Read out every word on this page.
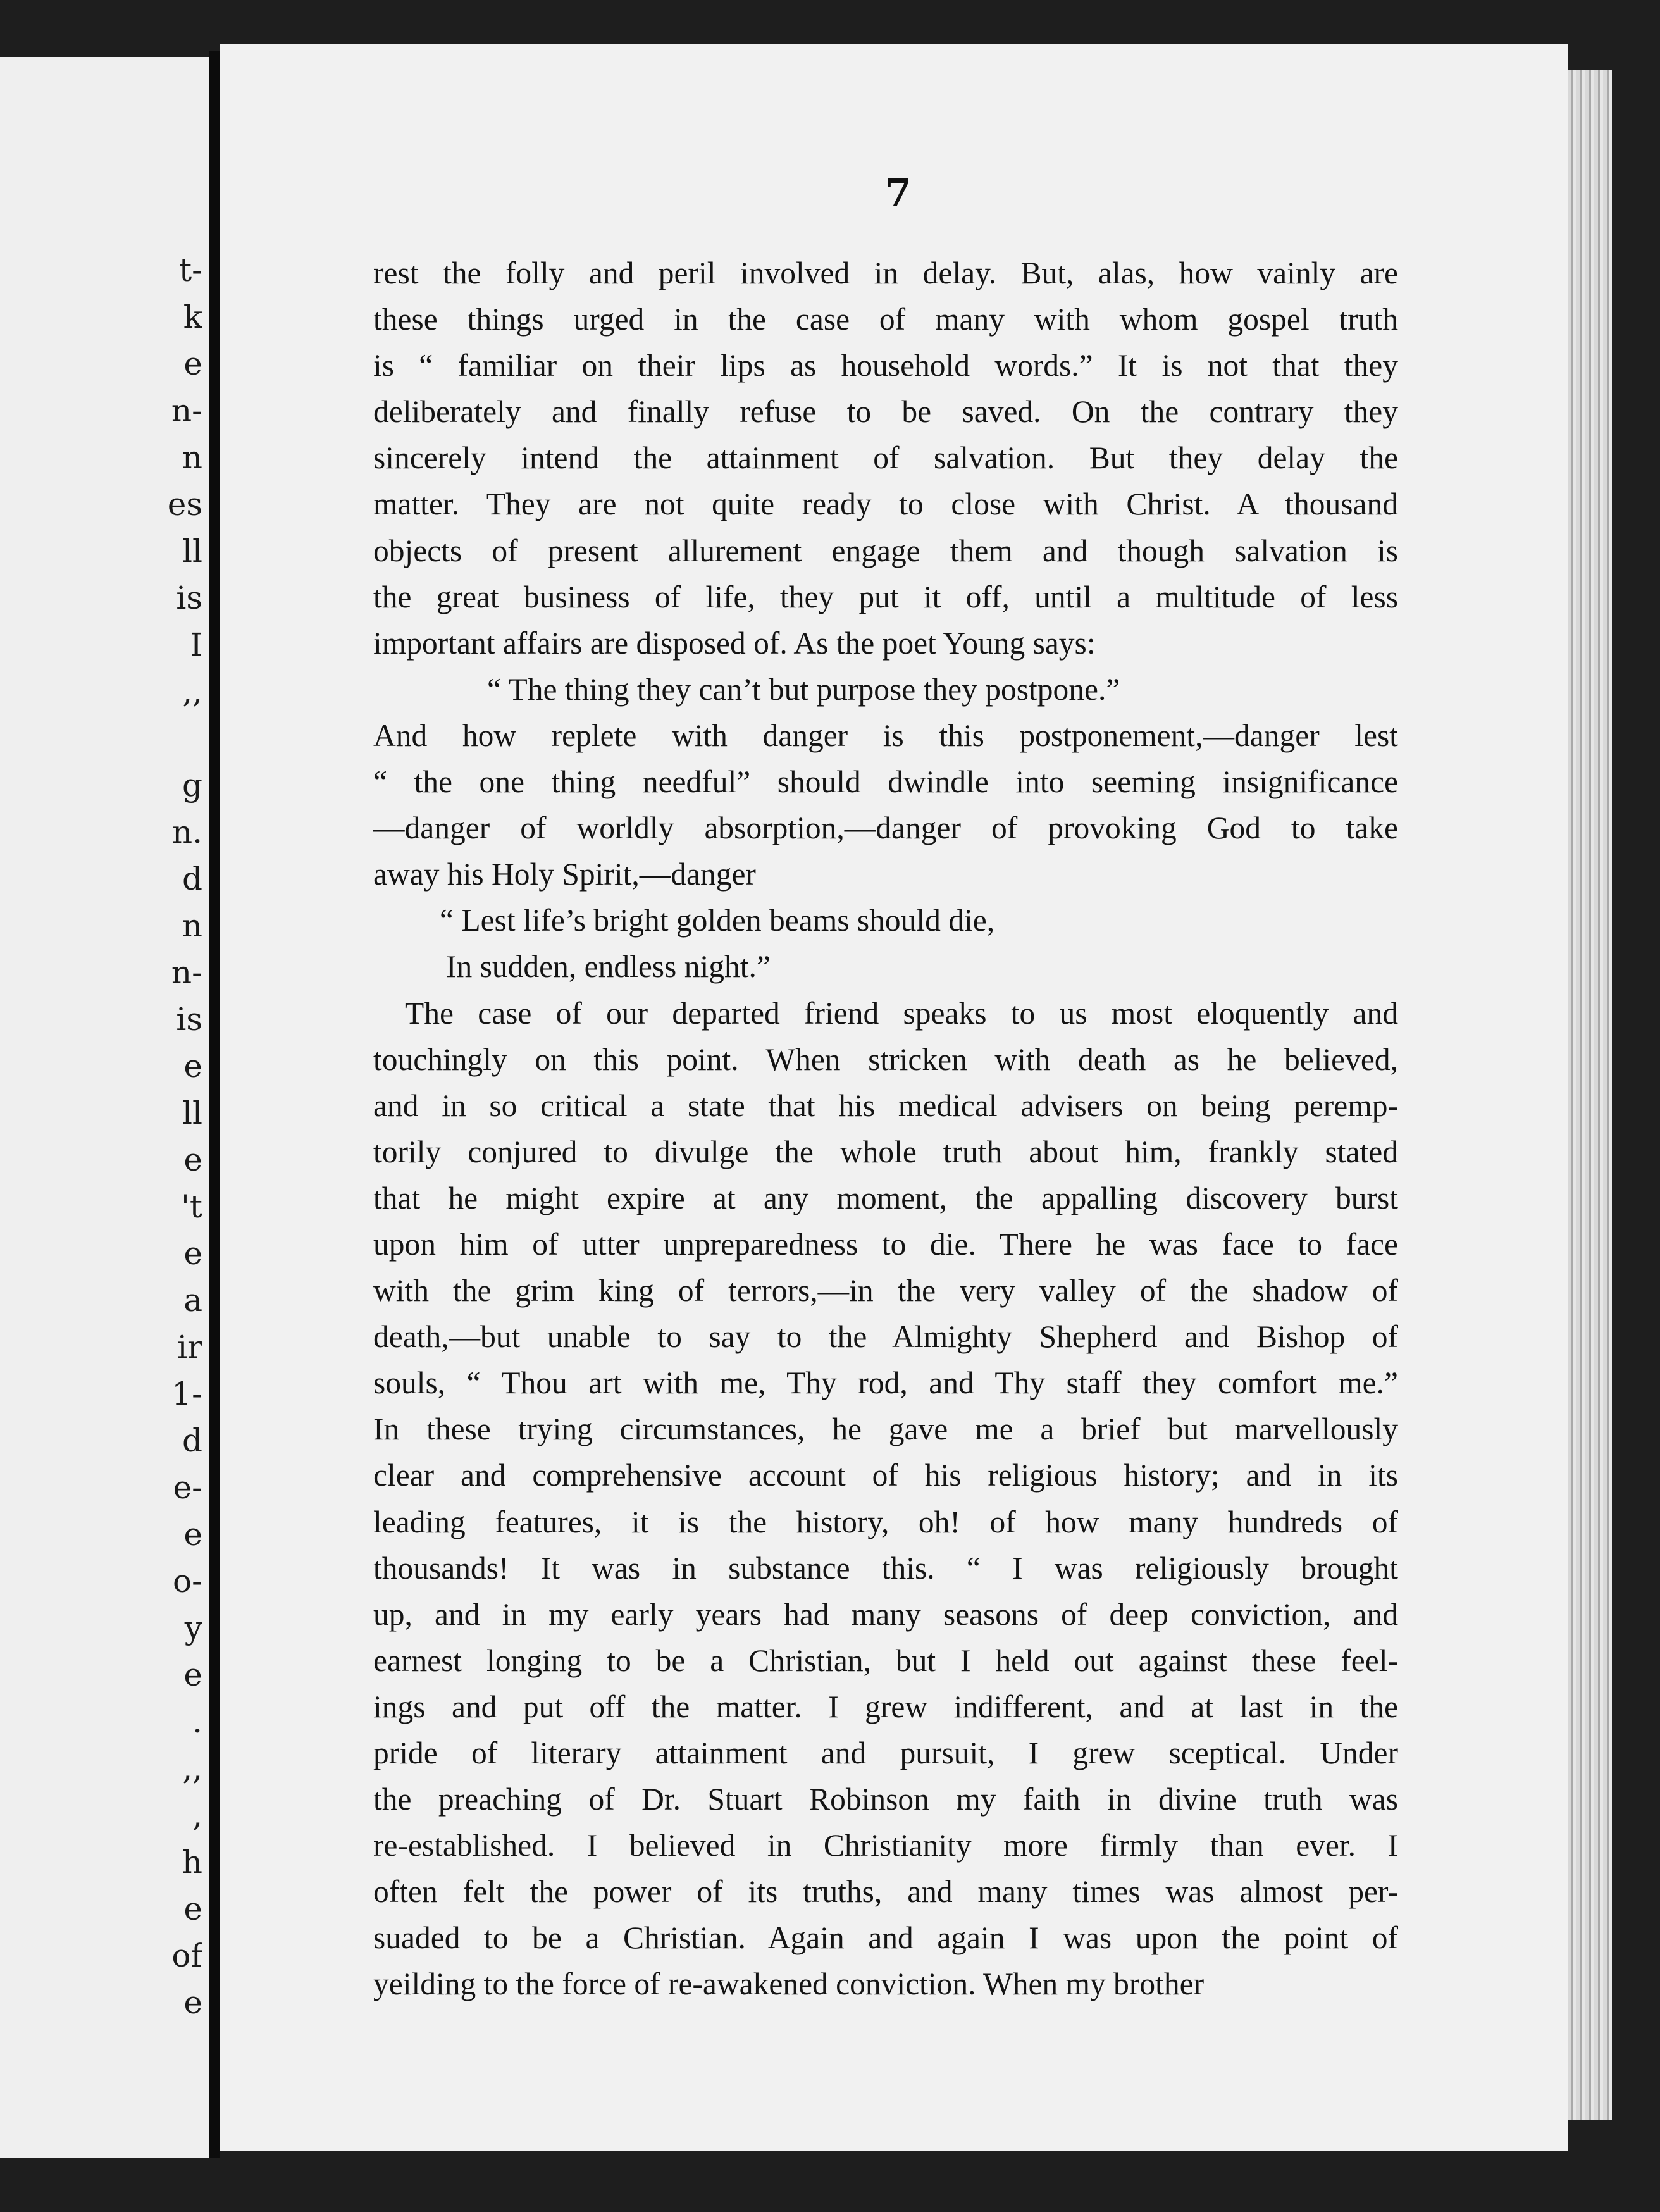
t-
k
e
n-
n
es
ll
is
I
,,
g
n.
d
n
n-
is
e
ll
e
't
e
a
ir
1-
d
e-
e
o-
y
e
.
,,
,
h
e
of
e
7
rest the folly and peril involved in delay. But, alas, how vainly are
these things urged in the case of many with whom gospel truth
is “ familiar on their lips as household words.” It is not that they
deliberately and finally refuse to be saved. On the contrary they
sincerely intend the attainment of salvation. But they delay the
matter. They are not quite ready to close with Christ. A thousand
objects of present allurement engage them and though salvation is
the great business of life, they put it off, until a multitude of less
important affairs are disposed of. As the poet Young says:
“ The thing they can’t but purpose they postpone.”
And how replete with danger is this postponement,—danger lest
“ the one thing needful” should dwindle into seeming insignificance
—danger of worldly absorption,—danger of provoking God to take
away his Holy Spirit,—danger
“ Lest life’s bright golden beams should die,
In sudden, endless night.”
The case of our departed friend speaks to us most eloquently and
touchingly on this point. When stricken with death as he believed,
and in so critical a state that his medical advisers on being peremp-
torily conjured to divulge the whole truth about him, frankly stated
that he might expire at any moment, the appalling discovery burst
upon him of utter unpreparedness to die. There he was face to face
with the grim king of terrors,—in the very valley of the shadow of
death,—but unable to say to the Almighty Shepherd and Bishop of
souls, “ Thou art with me, Thy rod, and Thy staff they comfort me.”
In these trying circumstances, he gave me a brief but marvellously
clear and comprehensive account of his religious history; and in its
leading features, it is the history, oh! of how many hundreds of
thousands! It was in substance this. “ I was religiously brought
up, and in my early years had many seasons of deep conviction, and
earnest longing to be a Christian, but I held out against these feel-
ings and put off the matter. I grew indifferent, and at last in the
pride of literary attainment and pursuit, I grew sceptical. Under
the preaching of Dr. Stuart Robinson my faith in divine truth was
re-established. I believed in Christianity more firmly than ever. I
often felt the power of its truths, and many times was almost per-
suaded to be a Christian. Again and again I was upon the point of
yeilding to the force of re-awakened conviction. When my brother
